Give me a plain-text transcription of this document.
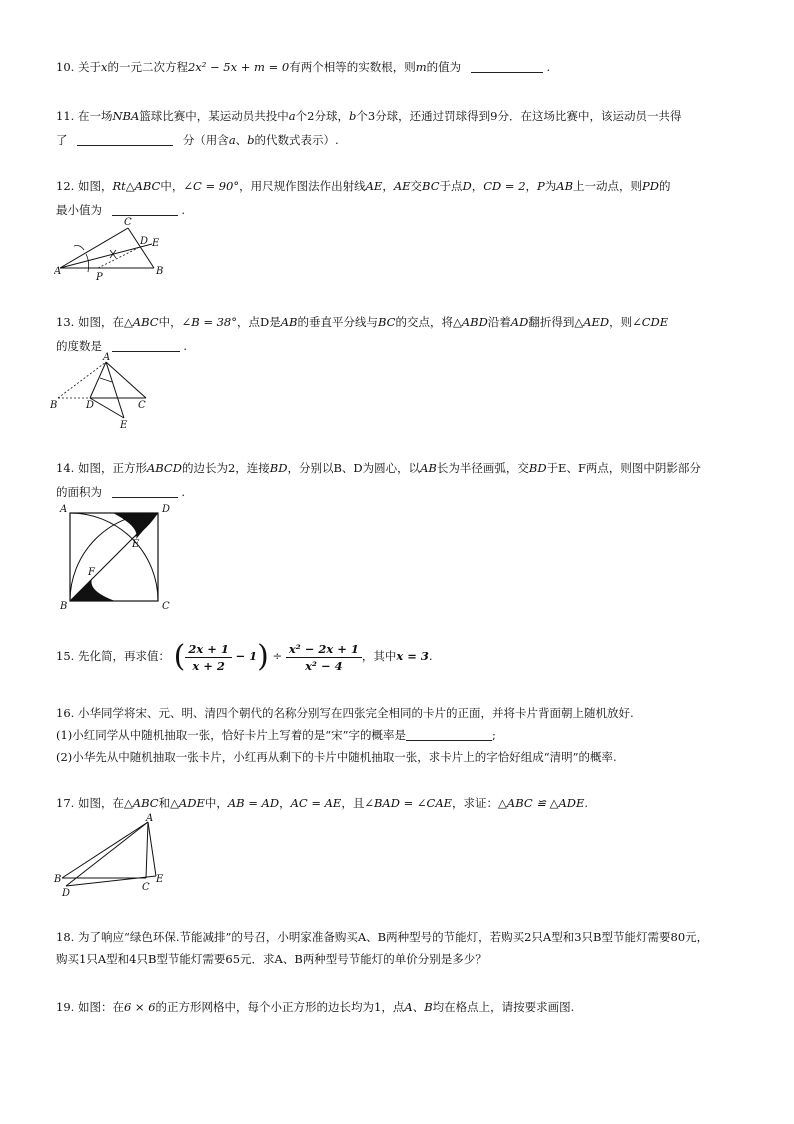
10. 关于x的一元二次方程2x² − 5x + m = 0有两个相等的实数根，则m的值为	.
11. 在一场NBA篮球比赛中，某运动员共投中a个2分球，b个3分球，还通过罚球得到9分．在这场比赛中，该运动员一共得
了	分（用含a、b的代数式表示）.
12. 如图，Rt△ABC中，∠C = 90°，用尺规作图法作出射线AE，AE交BC于点D，CD = 2，P为AB上一动点，则PD的
最小值为	.
A	B
C
D E
P
13. 如图，在△ABC中，∠B = 38°，点D是AB的垂直平分线与BC的交点，将△ABD沿着AD翻折得到△AED，则∠CDE
的度数是	.
A
B	C
D
E
14. 如图，正方形ABCD的边长为2，连接BD，分别以B、D为圆心，以AB长为半径画弧，交BD于E、F两点，则图中阴影部分
的面积为	.
A	D
B	C
E
F
15. 先化简，再求值： ( $\frac{2x + 1}{x + 2} - 1) \div \frac{\text{x² − 2x + 1}}{\text{x² − 4}}$ ，其中x = 3.
16. 小华同学将宋、元、明、清四个朝代的名称分别写在四张完全相同的卡片的正面，并将卡片背面朝上随机放好.
(1)小红同学从中随机抽取一张，恰好卡片上写着的是“宋”字的概率是	;
(2)小华先从中随机抽取一张卡片，小红再从剩下的卡片中随机抽取一张，求卡片上的字恰好组成“清明”的概率.
17. 如图，在△ABC和△ADE中，AB = AD，AC = AE，且∠BAD = ∠CAE，求证：△ABC ≌ △ADE.
A
B
C
D
E
18. 为了响应“绿色环保.节能减排”的号召，小明家准备购买A、B两种型号的节能灯，若购买2只A型和3只B型节能灯需要80元，
购买1只A型和4只B型节能灯需要65元．求A、B两种型号节能灯的单价分别是多少？
19. 如图：在6 × 6的正方形网格中，每个小正方形的边长均为1，点A、B均在格点上，请按要求画图.
